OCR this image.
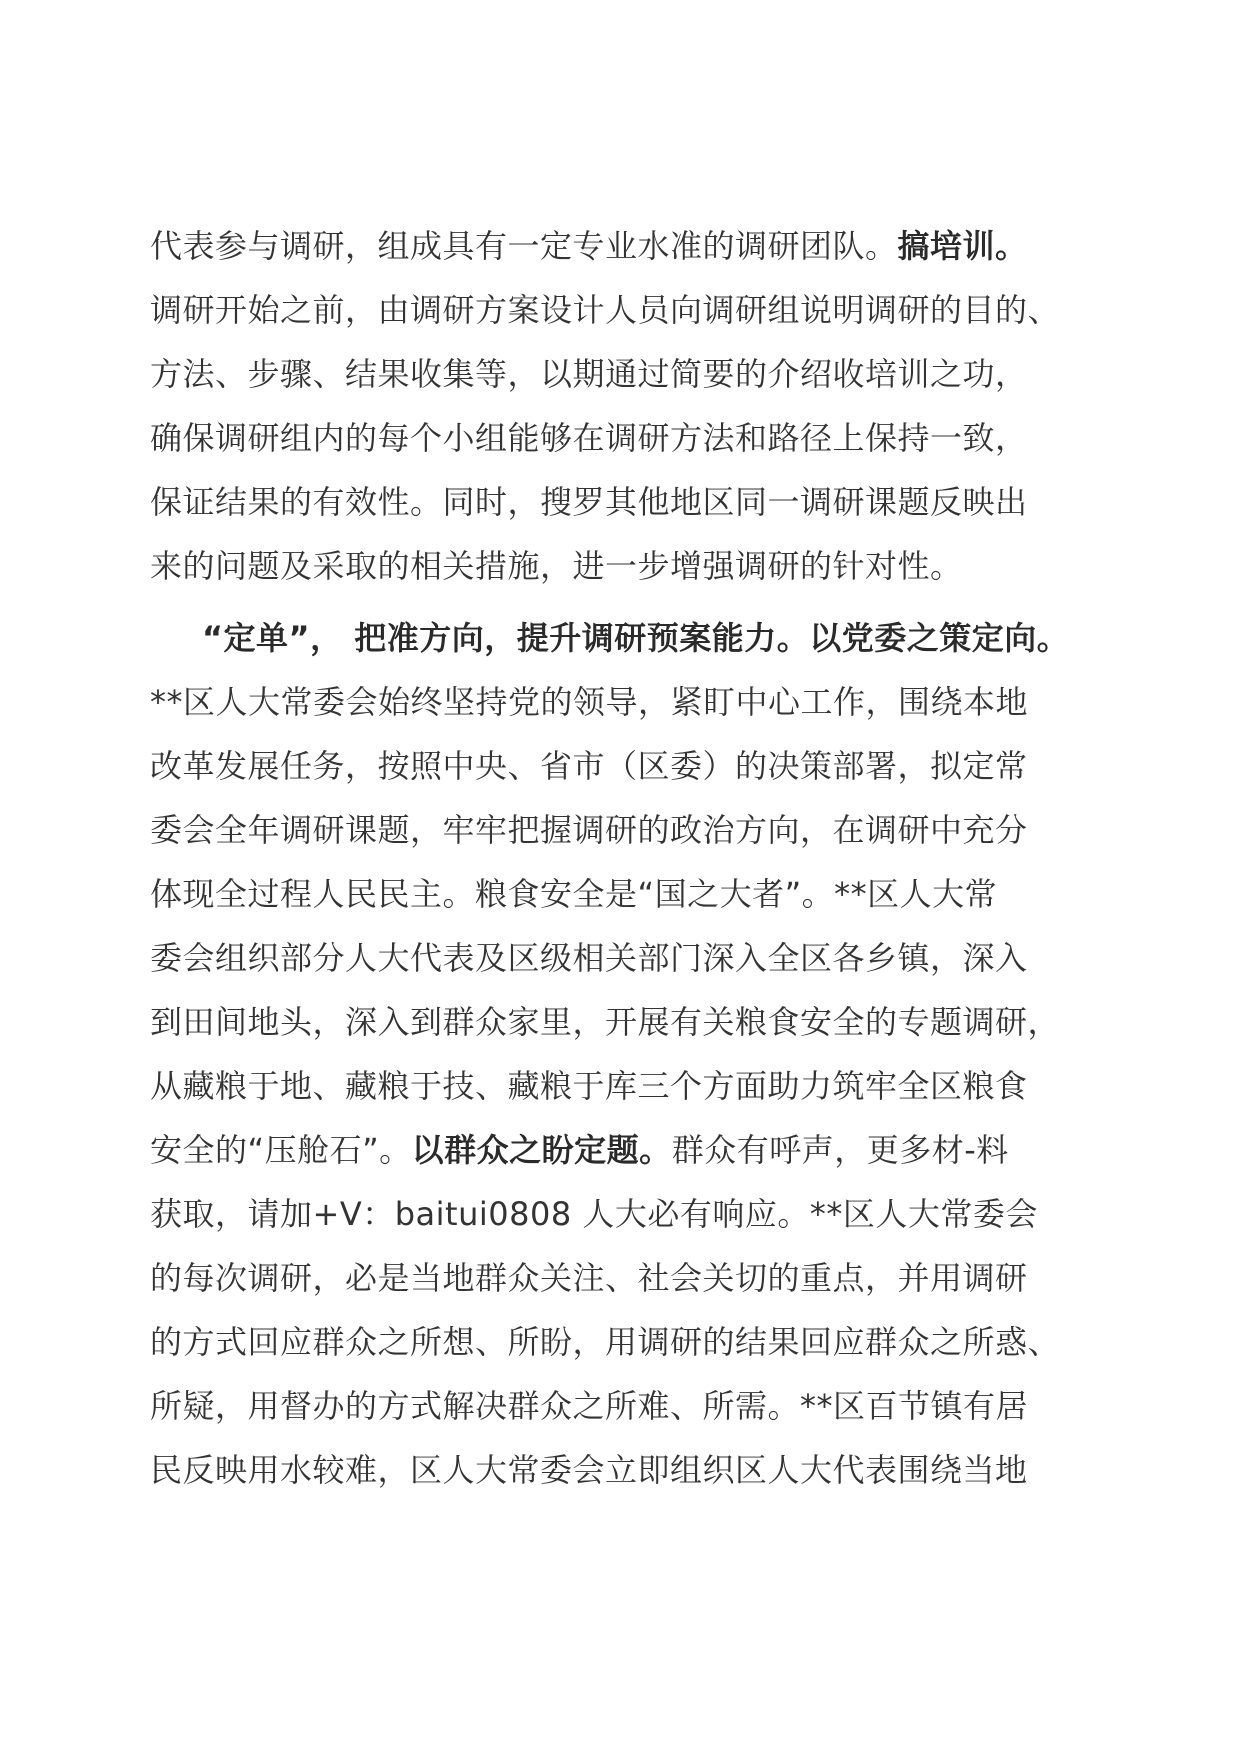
代表参与调研，组成具有一定专业水准的调研团队。搞培训。
调研开始之前，由调研方案设计人员向调研组说明调研的目的、
方法、步骤、结果收集等，以期通过简要的介绍收培训之功，
确保调研组内的每个小组能够在调研方法和路径上保持一致，
保证结果的有效性。同时，搜罗其他地区同一调研课题反映出
来的问题及采取的相关措施，进一步增强调研的针对性。
“定单”， 把准方向，提升调研预案能力。以党委之策定向。
**区人大常委会始终坚持党的领导，紧盯中心工作，围绕本地
改革发展任务，按照中央、省市（区委）的决策部署，拟定常
委会全年调研课题，牢牢把握调研的政治方向，在调研中充分
体现全过程人民民主。粮食安全是“国之大者”。**区人大常
委会组织部分人大代表及区级相关部门深入全区各乡镇，深入
到田间地头，深入到群众家里，开展有关粮食安全的专题调研，
从藏粮于地、藏粮于技、藏粮于库三个方面助力筑牢全区粮食
安全的“压舱石”。以群众之盼定题。群众有呼声，更多材-料
获取，请加+V：baitui0808 人大必有响应。**区人大常委会
的每次调研，必是当地群众关注、社会关切的重点，并用调研
的方式回应群众之所想、所盼，用调研的结果回应群众之所惑、
所疑，用督办的方式解决群众之所难、所需。**区百节镇有居
民反映用水较难，区人大常委会立即组织区人大代表围绕当地
